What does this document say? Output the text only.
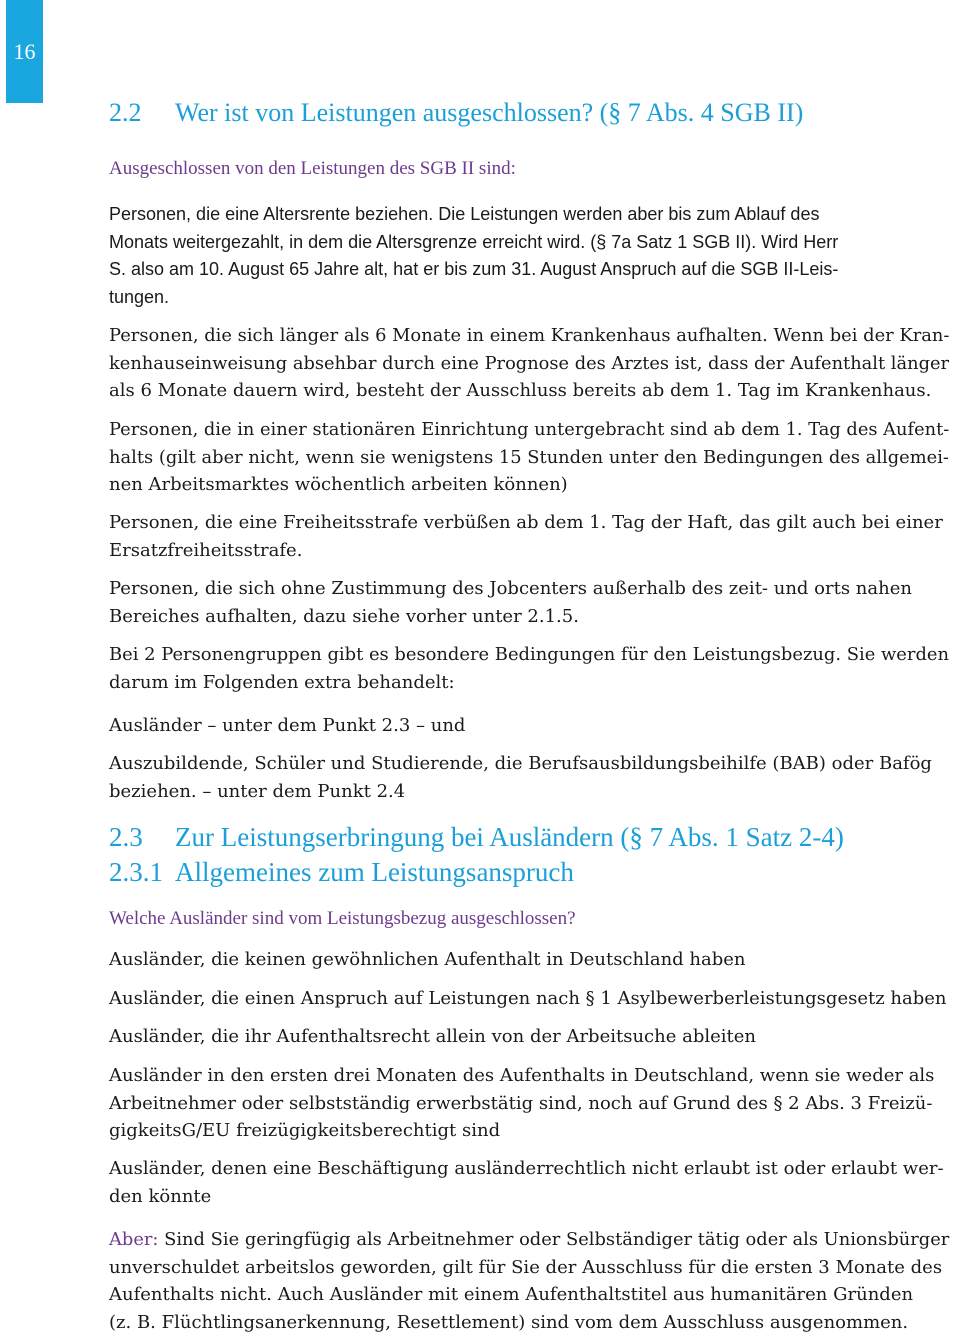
16
2.2 Wer ist von Leistungen ausgeschlossen? (§ 7 Abs. 4 SGB II)
Ausgeschlossen von den Leistungen des SGB II sind:
Personen, die eine Altersrente beziehen. Die Leistungen werden aber bis zum Ablauf des
Monats weitergezahlt, in dem die Altersgrenze erreicht wird. (§ 7a Satz 1 SGB II). Wird Herr
S. also am 10. August 65 Jahre alt, hat er bis zum 31. August Anspruch auf die SGB II-Leis-
tungen.
Personen, die sich länger als 6 Monate in einem Krankenhaus aufhalten. Wenn bei der Kran-
kenhauseinweisung absehbar durch eine Prognose des Arztes ist, dass der Aufenthalt länger
als 6 Monate dauern wird, besteht der Ausschluss bereits ab dem 1. Tag im Krankenhaus.
Personen, die in einer stationären Einrichtung untergebracht sind ab dem 1. Tag des Aufent-
halts (gilt aber nicht, wenn sie wenigstens 15 Stunden unter den Bedingungen des allgemei-
nen Arbeitsmarktes wöchentlich arbeiten können)
Personen, die eine Freiheitsstrafe verbüßen ab dem 1. Tag der Haft, das gilt auch bei einer
Ersatzfreiheitsstrafe.
Personen, die sich ohne Zustimmung des Jobcenters außerhalb des zeit- und orts nahen
Bereiches aufhalten, dazu siehe vorher unter 2.1.5.
Bei 2 Personengruppen gibt es besondere Bedingungen für den Leistungsbezug. Sie werden
darum im Folgenden extra behandelt:
Ausländer – unter dem Punkt 2.3 – und
Auszubildende, Schüler und Studierende, die Berufsausbildungsbeihilfe (BAB) oder Bafög
beziehen. – unter dem Punkt 2.4
2.3 Zur Leistungserbringung bei Ausländern (§ 7 Abs. 1 Satz 2-4)
2.3.1 Allgemeines zum Leistungsanspruch
Welche Ausländer sind vom Leistungsbezug ausgeschlossen?
Ausländer, die keinen gewöhnlichen Aufenthalt in Deutschland haben
Ausländer, die einen Anspruch auf Leistungen nach § 1 Asylbewerberleistungsgesetz haben
Ausländer, die ihr Aufenthaltsrecht allein von der Arbeitsuche ableiten
Ausländer in den ersten drei Monaten des Aufenthalts in Deutschland, wenn sie weder als
Arbeitnehmer oder selbstständig erwerbstätig sind, noch auf Grund des § 2 Abs. 3 Freizü-
gigkeitsG/EU freizügigkeitsberechtigt sind
Ausländer, denen eine Beschäftigung ausländerrechtlich nicht erlaubt ist oder erlaubt wer-
den könnte
Aber: Sind Sie geringfügig als Arbeitnehmer oder Selbständiger tätig oder als Unionsbürger
unverschuldet arbeitslos geworden, gilt für Sie der Ausschluss für die ersten 3 Monate des
Aufenthalts nicht. Auch Ausländer mit einem Aufenthaltstitel aus humanitären Gründen
(z. B. Flüchtlingsanerkennung, Resettlement) sind vom dem Ausschluss ausgenommen.
